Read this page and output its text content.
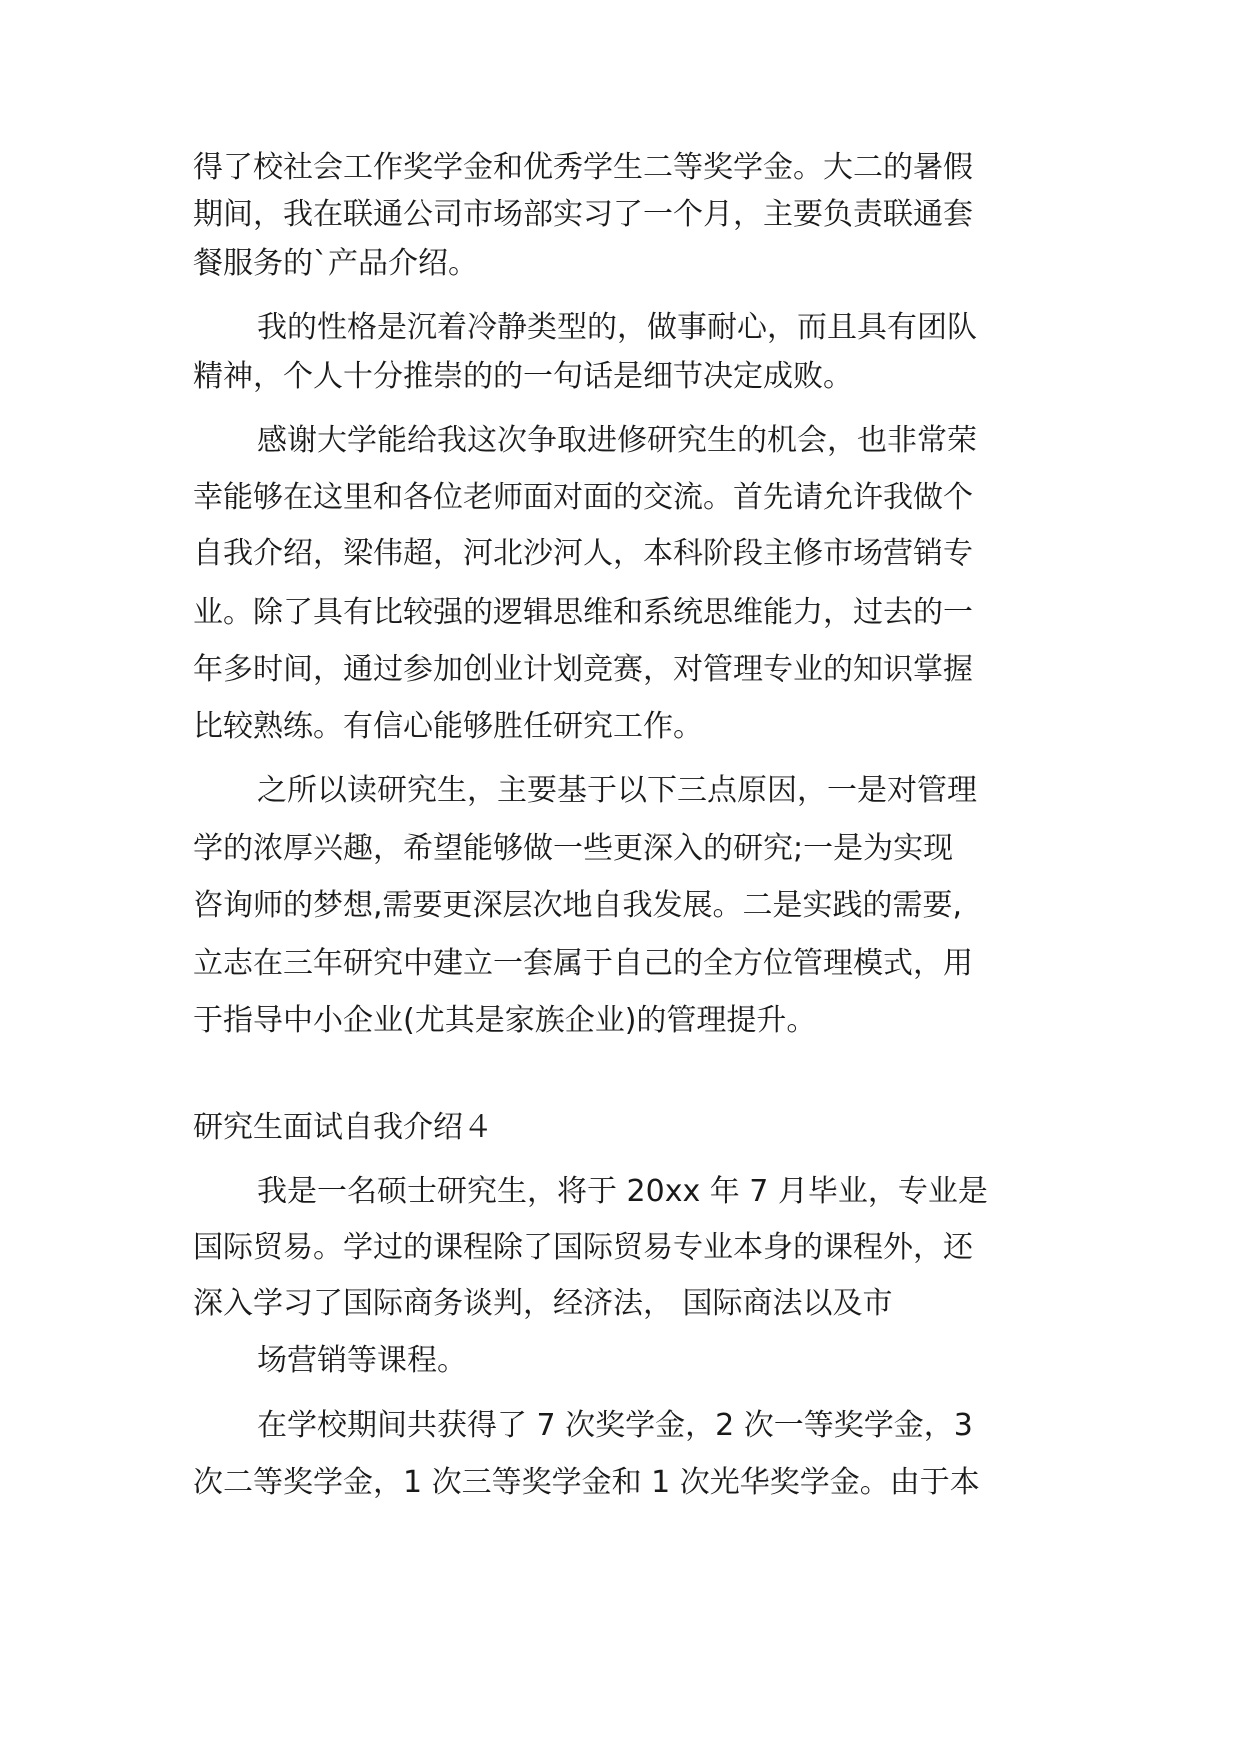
得了校社会工作奖学金和优秀学生二等奖学金。大二的暑假
期间，我在联通公司市场部实习了一个月，主要负责联通套
餐服务的`产品介绍。
我的性格是沉着冷静类型的，做事耐心，而且具有团队
精神，个人十分推崇的的一句话是细节决定成败。
感谢大学能给我这次争取进修研究生的机会，也非常荣
幸能够在这里和各位老师面对面的交流。首先请允许我做个
自我介绍，梁伟超，河北沙河人，本科阶段主修市场营销专
业。除了具有比较强的逻辑思维和系统思维能力，过去的一
年多时间，通过参加创业计划竞赛，对管理专业的知识掌握
比较熟练。有信心能够胜任研究工作。
之所以读研究生，主要基于以下三点原因，一是对管理
学的浓厚兴趣，希望能够做一些更深入的研究;一是为实现
咨询师的梦想,需要更深层次地自我发展。二是实践的需要,
立志在三年研究中建立一套属于自己的全方位管理模式，用
于指导中小企业(尤其是家族企业)的管理提升。
研究生面试自我介绍４
我是一名硕士研究生，将于 20xx 年 7 月毕业，专业是
国际贸易。学过的课程除了国际贸易专业本身的课程外，还
深入学习了国际商务谈判，经济法， 国际商法以及市
场营销等课程。
在学校期间共获得了 7 次奖学金，2 次一等奖学金，3
次二等奖学金，1 次三等奖学金和 1 次光华奖学金。由于本
